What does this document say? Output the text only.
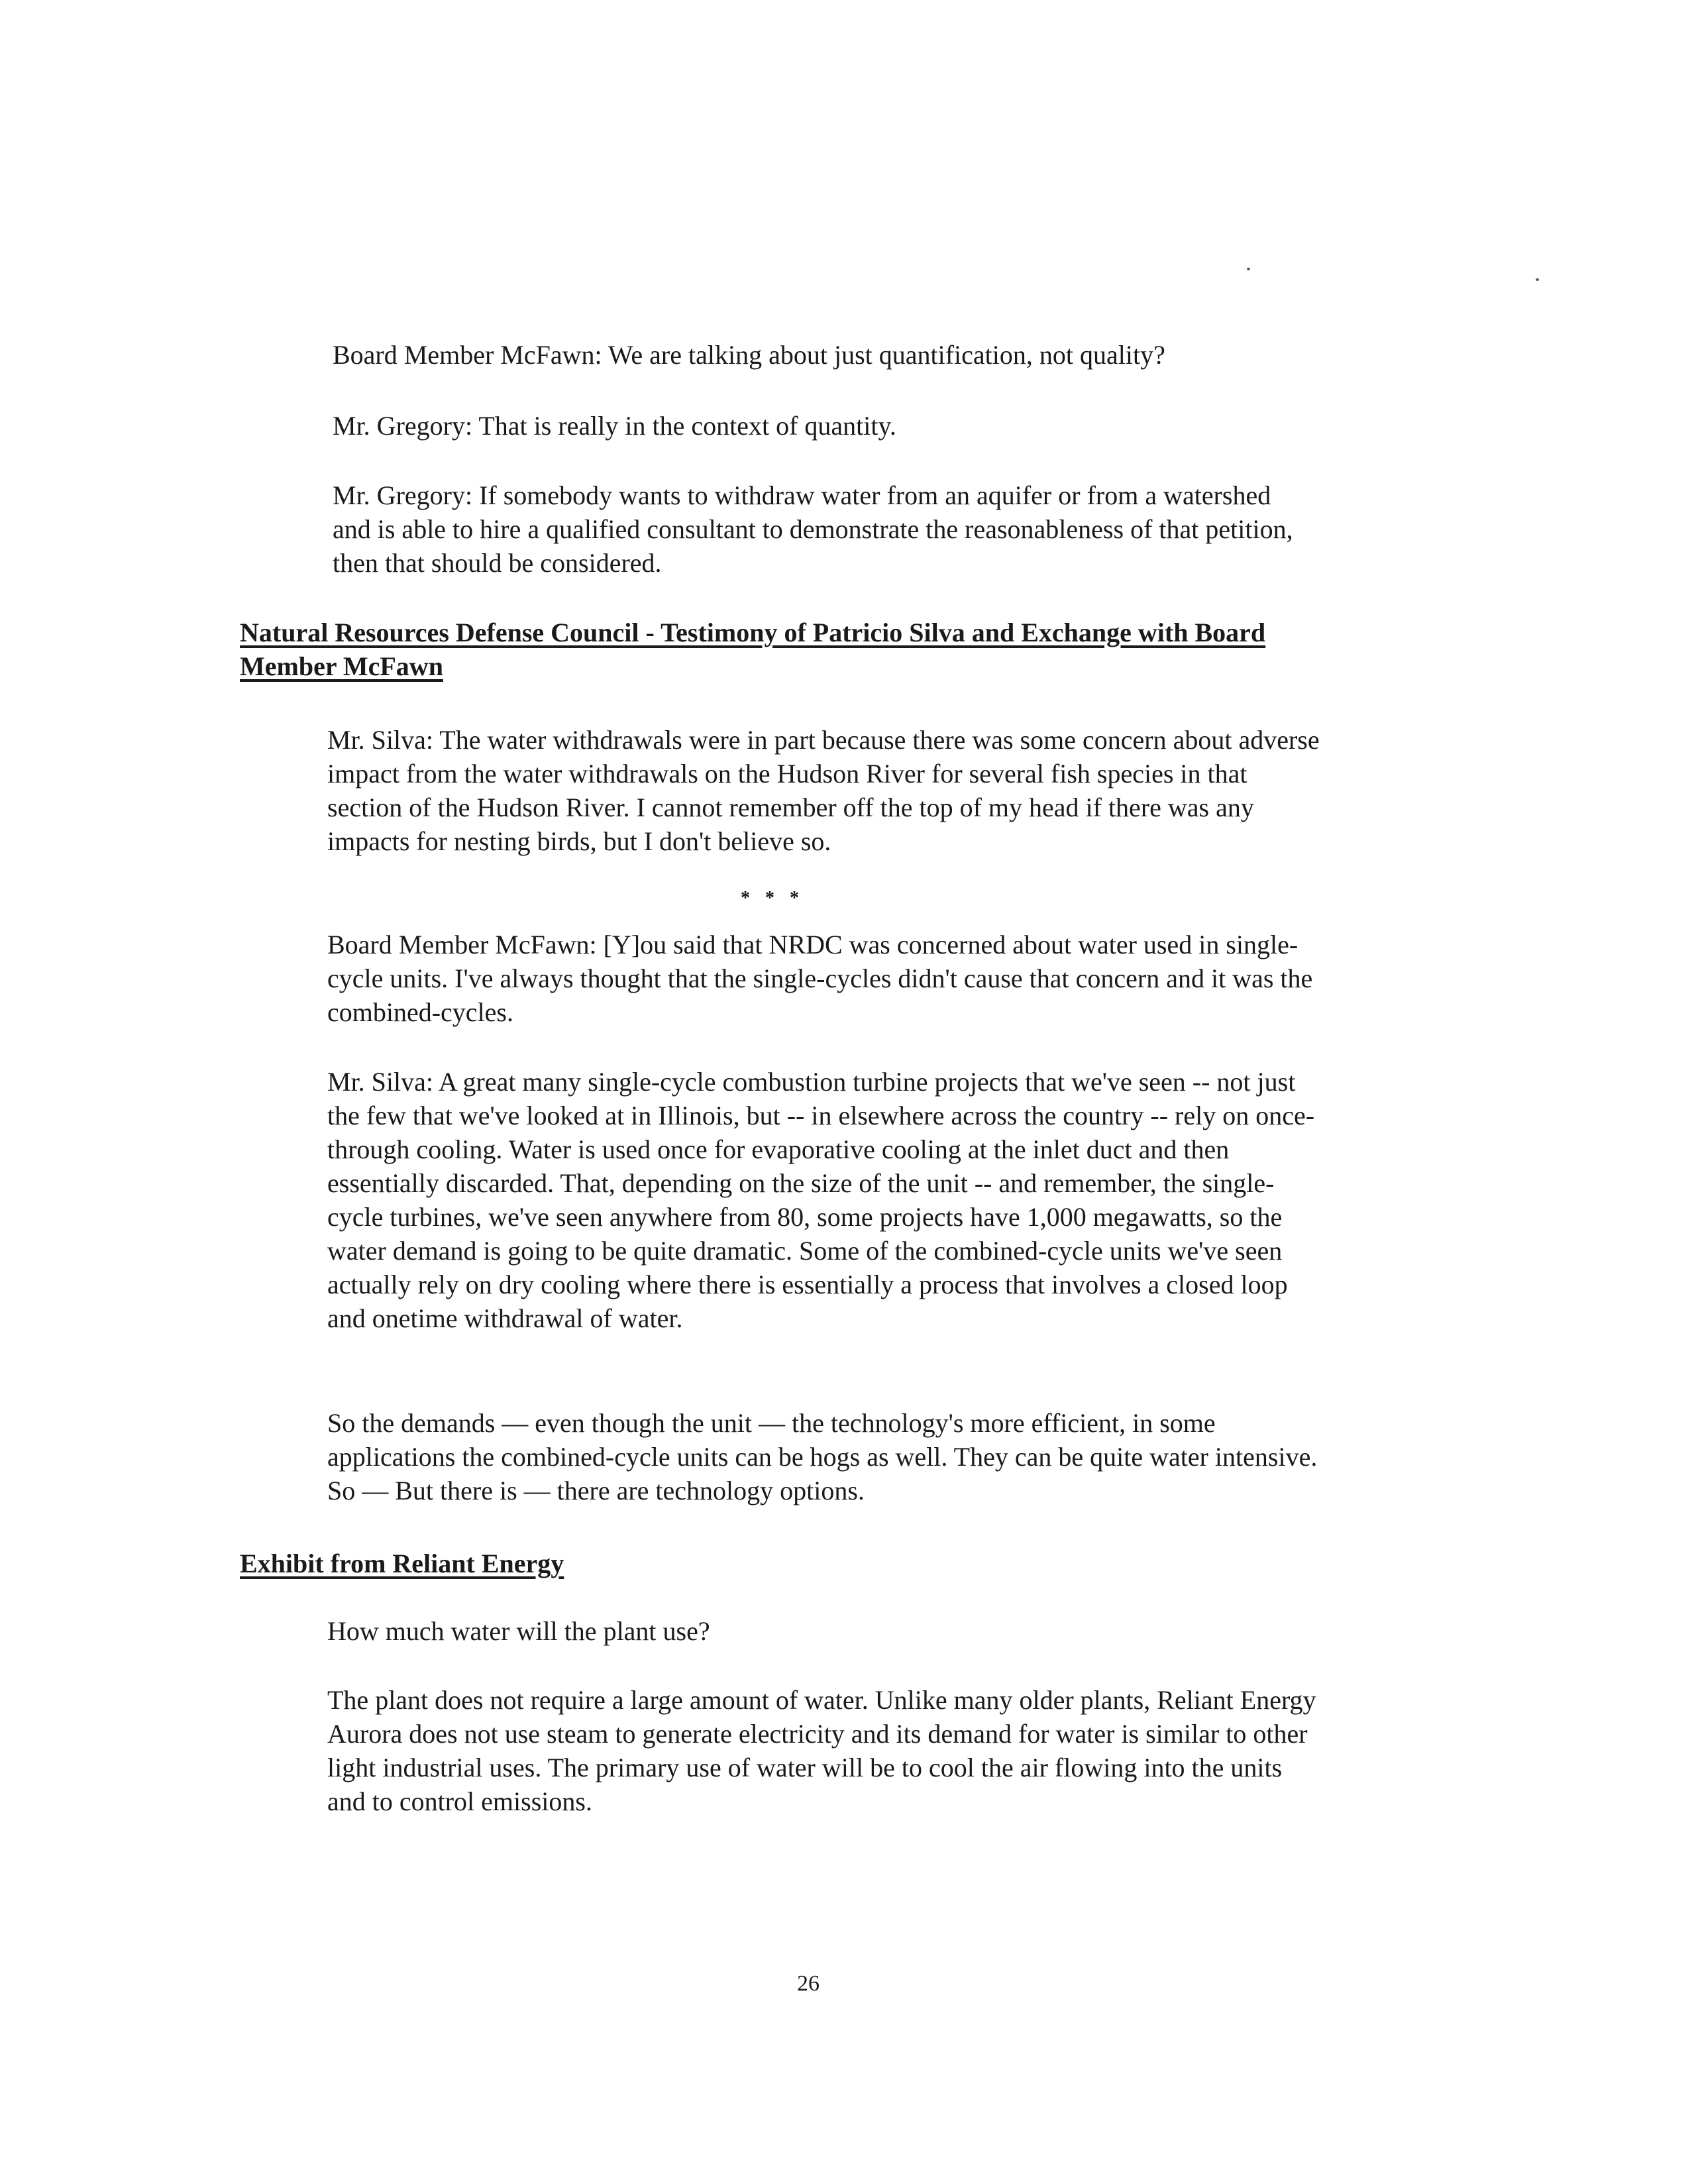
Board Member McFawn: We are talking about just quantification, not quality?

Mr. Gregory: That is really in the context of quantity.

Mr. Gregory: If somebody wants to withdraw water from an aquifer or from a watershed and is able to hire a qualified consultant to demonstrate the reasonableness of that petition, then that should be considered.

Natural Resources Defense Council - Testimony of Patricio Silva and Exchange with Board Member McFawn

Mr. Silva: The water withdrawals were in part because there was some concern about adverse impact from the water withdrawals on the Hudson River for several fish species in that section of the Hudson River. I cannot remember off the top of my head if there was any impacts for nesting birds, but I don't believe so.

* * *

Board Member McFawn: [Y]ou said that NRDC was concerned about water used in single-cycle units. I've always thought that the single-cycles didn't cause that concern and it was the combined-cycles.

Mr. Silva: A great many single-cycle combustion turbine projects that we've seen -- not just the few that we've looked at in Illinois, but -- in elsewhere across the country -- rely on once-through cooling. Water is used once for evaporative cooling at the inlet duct and then essentially discarded. That, depending on the size of the unit -- and remember, the single-cycle turbines, we've seen anywhere from 80, some projects have 1,000 megawatts, so the water demand is going to be quite dramatic. Some of the combined-cycle units we've seen actually rely on dry cooling where there is essentially a process that involves a closed loop and onetime withdrawal of water.

So the demands — even though the unit — the technology's more efficient, in some applications the combined-cycle units can be hogs as well. They can be quite water intensive. So — But there is — there are technology options.

Exhibit from Reliant Energy

How much water will the plant use?

The plant does not require a large amount of water. Unlike many older plants, Reliant Energy Aurora does not use steam to generate electricity and its demand for water is similar to other light industrial uses. The primary use of water will be to cool the air flowing into the units and to control emissions.

26
